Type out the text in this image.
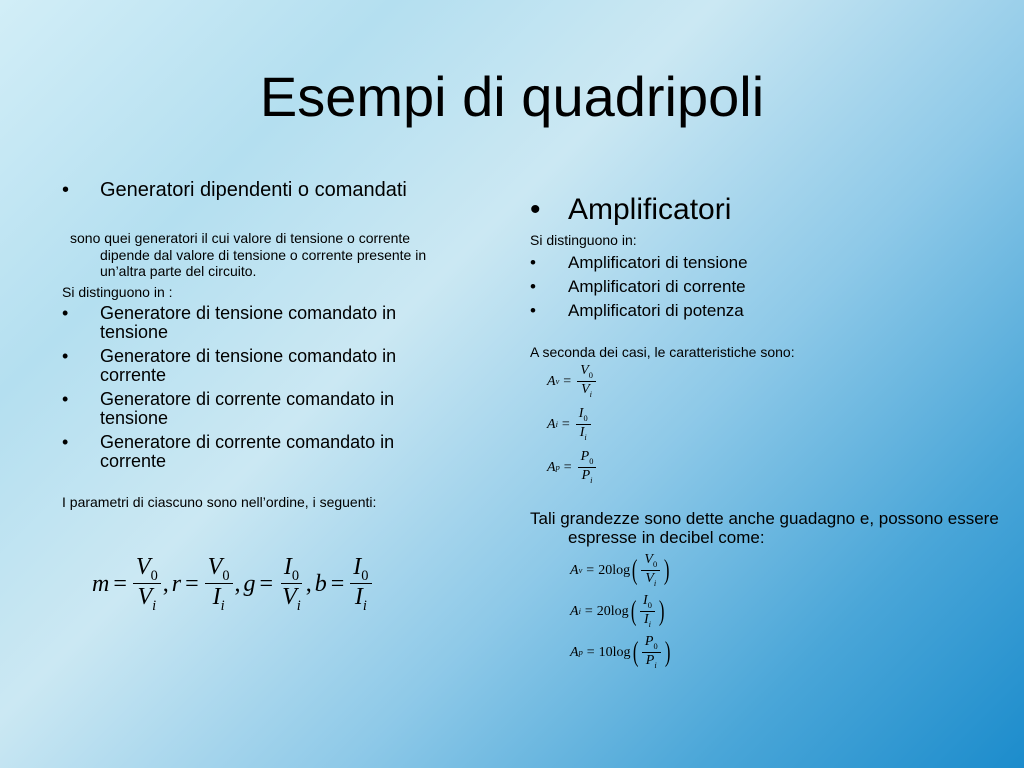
Esempi di quadripoli

• Generatori dipendenti o comandati

sono quei generatori il cui valore di tensione o corrente dipende dal valore di tensione o corrente presente in un’altra parte del circuito.

Si distinguono in :

• Generatore di tensione comandato in tensione

• Generatore di tensione comandato in corrente

• Generatore di corrente comandato in tensione

• Generatore di corrente comandato in corrente

I parametri di ciascuno sono nell’ordine, i seguenti:

$m = \frac{V_0}{V_i}$ , $r = \frac{V_0}{I_i}$ , $g = \frac{I_0}{V_i}$ , $b = \frac{I_0}{I_i}$

• Amplificatori

Si distinguono in:

• Amplificatori di tensione

• Amplificatori di corrente

• Amplificatori di potenza

A seconda dei casi, le caratteristiche sono:

A $v = \frac{V_0}{V_i}$
A $i = \frac{I_0}{I_i}$
A $p = \frac{P_0}{P_i}$

Tali grandezze sono dette anche guadagno e, possono essere espresse in decibel come:

A v = 20 log ( $\frac{V_0}{V_i}$ )
A i = 20 log ( $\frac{I_0}{I_i}$ )
A p = 10 log ( $\frac{P_0}{P_i}$ )
